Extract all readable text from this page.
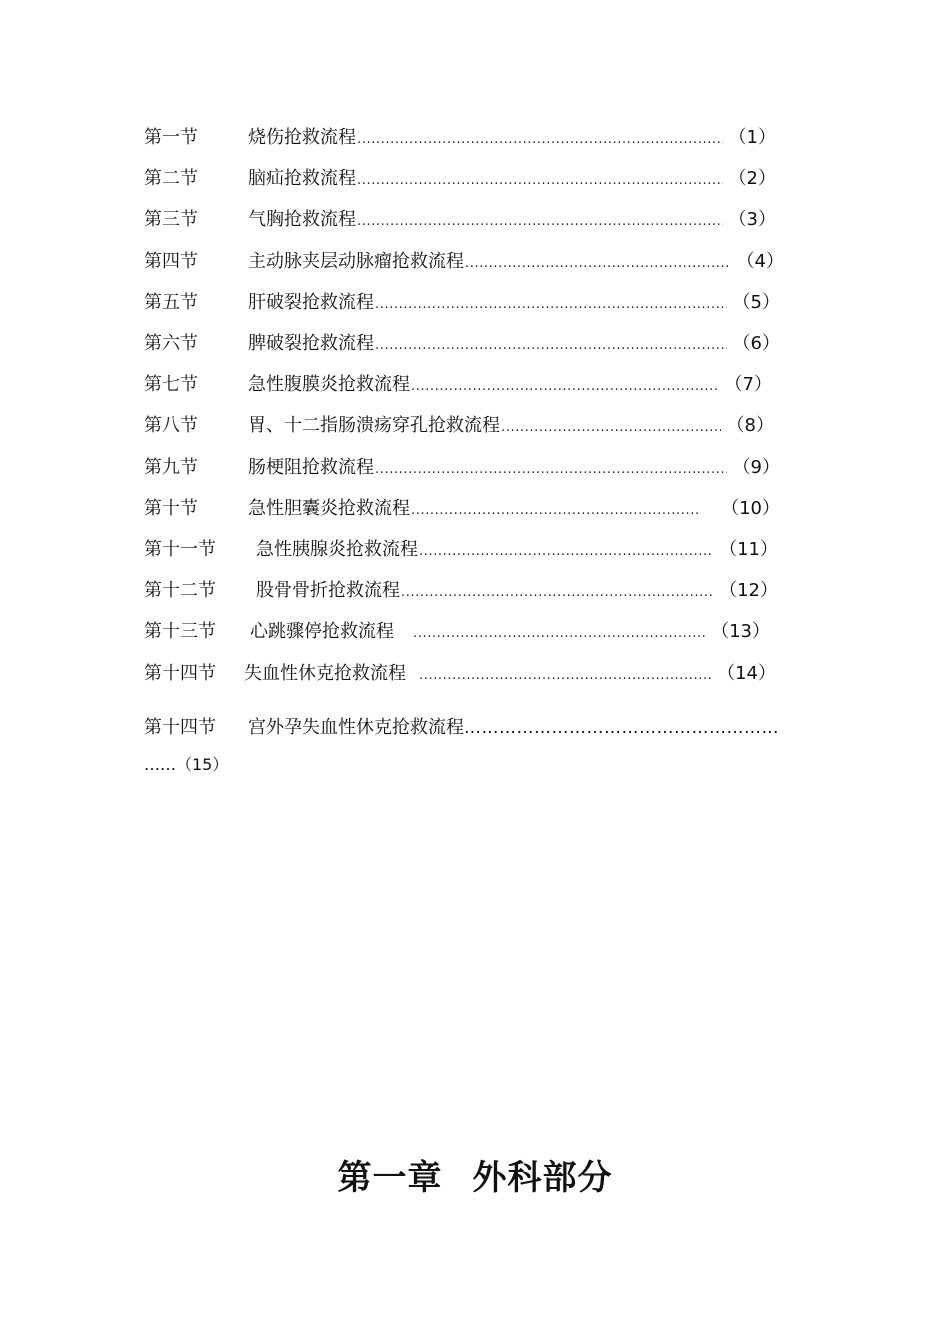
第一节	烧伤抢救流程 .....	（1）
第二节	脑疝抢救流程 .....	（2）
第三节	气胸抢救流程 .....	（3）
第四节	主动脉夹层动脉瘤抢救流程 .....	（4）
第五节	肝破裂抢救流程 .....	（5）
第六节	脾破裂抢救流程 .....	（6）
第七节	急性腹膜炎抢救流程 .....	（7）
第八节	胃、十二指肠溃疡穿孔抢救流程 .....	（8）
第九节	肠梗阻抢救流程 .....	（9）
第十节	急性胆囊炎抢救流程 .....	（10）
第十一节 急性胰腺炎抢救流程 .....	（11）
第十二节 股骨骨折抢救流程 .....	（12）
第十三节 心跳骤停抢救流程 .....	（13）
第十四节 失血性休克抢救流程 .....	（14）
第十四节 宫外孕失血性休克抢救流程………………………………………………
……（15）
第一章 外科部分
